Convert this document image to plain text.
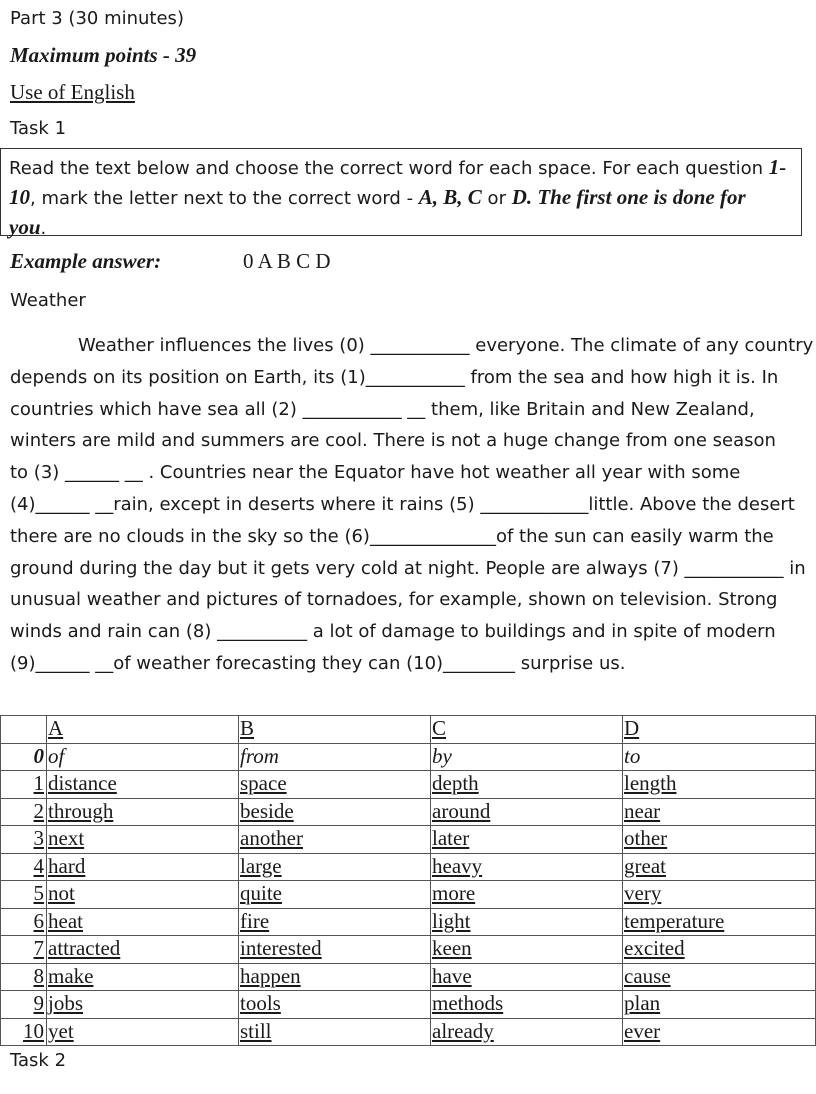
Part 3 (30 minutes)
Maximum points - 39
Use of English
Task 1
Read the text below and choose the correct word for each space. For each question 1-
10, mark the letter next to the correct word - A, B, C or D. The first one is done for
you.
Example answer:	0 A B C D
Weather
Weather influences the lives (0) ___________ everyone. The climate of any country
depends on its position on Earth, its (1)___________ from the sea and how high it is. In
countries which have sea all (2) ___________ __ them, like Britain and New Zealand,
winters are mild and summers are cool. There is not a huge change from one season
to (3) ______ __ . Countries near the Equator have hot weather all year with some
(4)______ __rain, except in deserts where it rains (5) ____________little. Above the desert
there are no clouds in the sky so the (6)______________of the sun can easily warm the
ground during the day but it gets very cold at night. People are always (7) ___________ in
unusual weather and pictures of tornadoes, for example, shown on television. Strong
winds and rain can (8) __________ a lot of damage to buildings and in spite of modern
(9)______ __of weather forecasting they can (10)________ surprise us.
	A	B	C	D
0	of	from	by	to
1	distance	space	depth	length
2	through	beside	around	near
3	next	another	later	other
4	hard	large	heavy	great
5	not	quite	more	very
6	heat	fire	light	temperature
7	attracted	interested	keen	excited
8	make	happen	have	cause
9	jobs	tools	methods	plan
10	yet	still	already	ever
Task 2
